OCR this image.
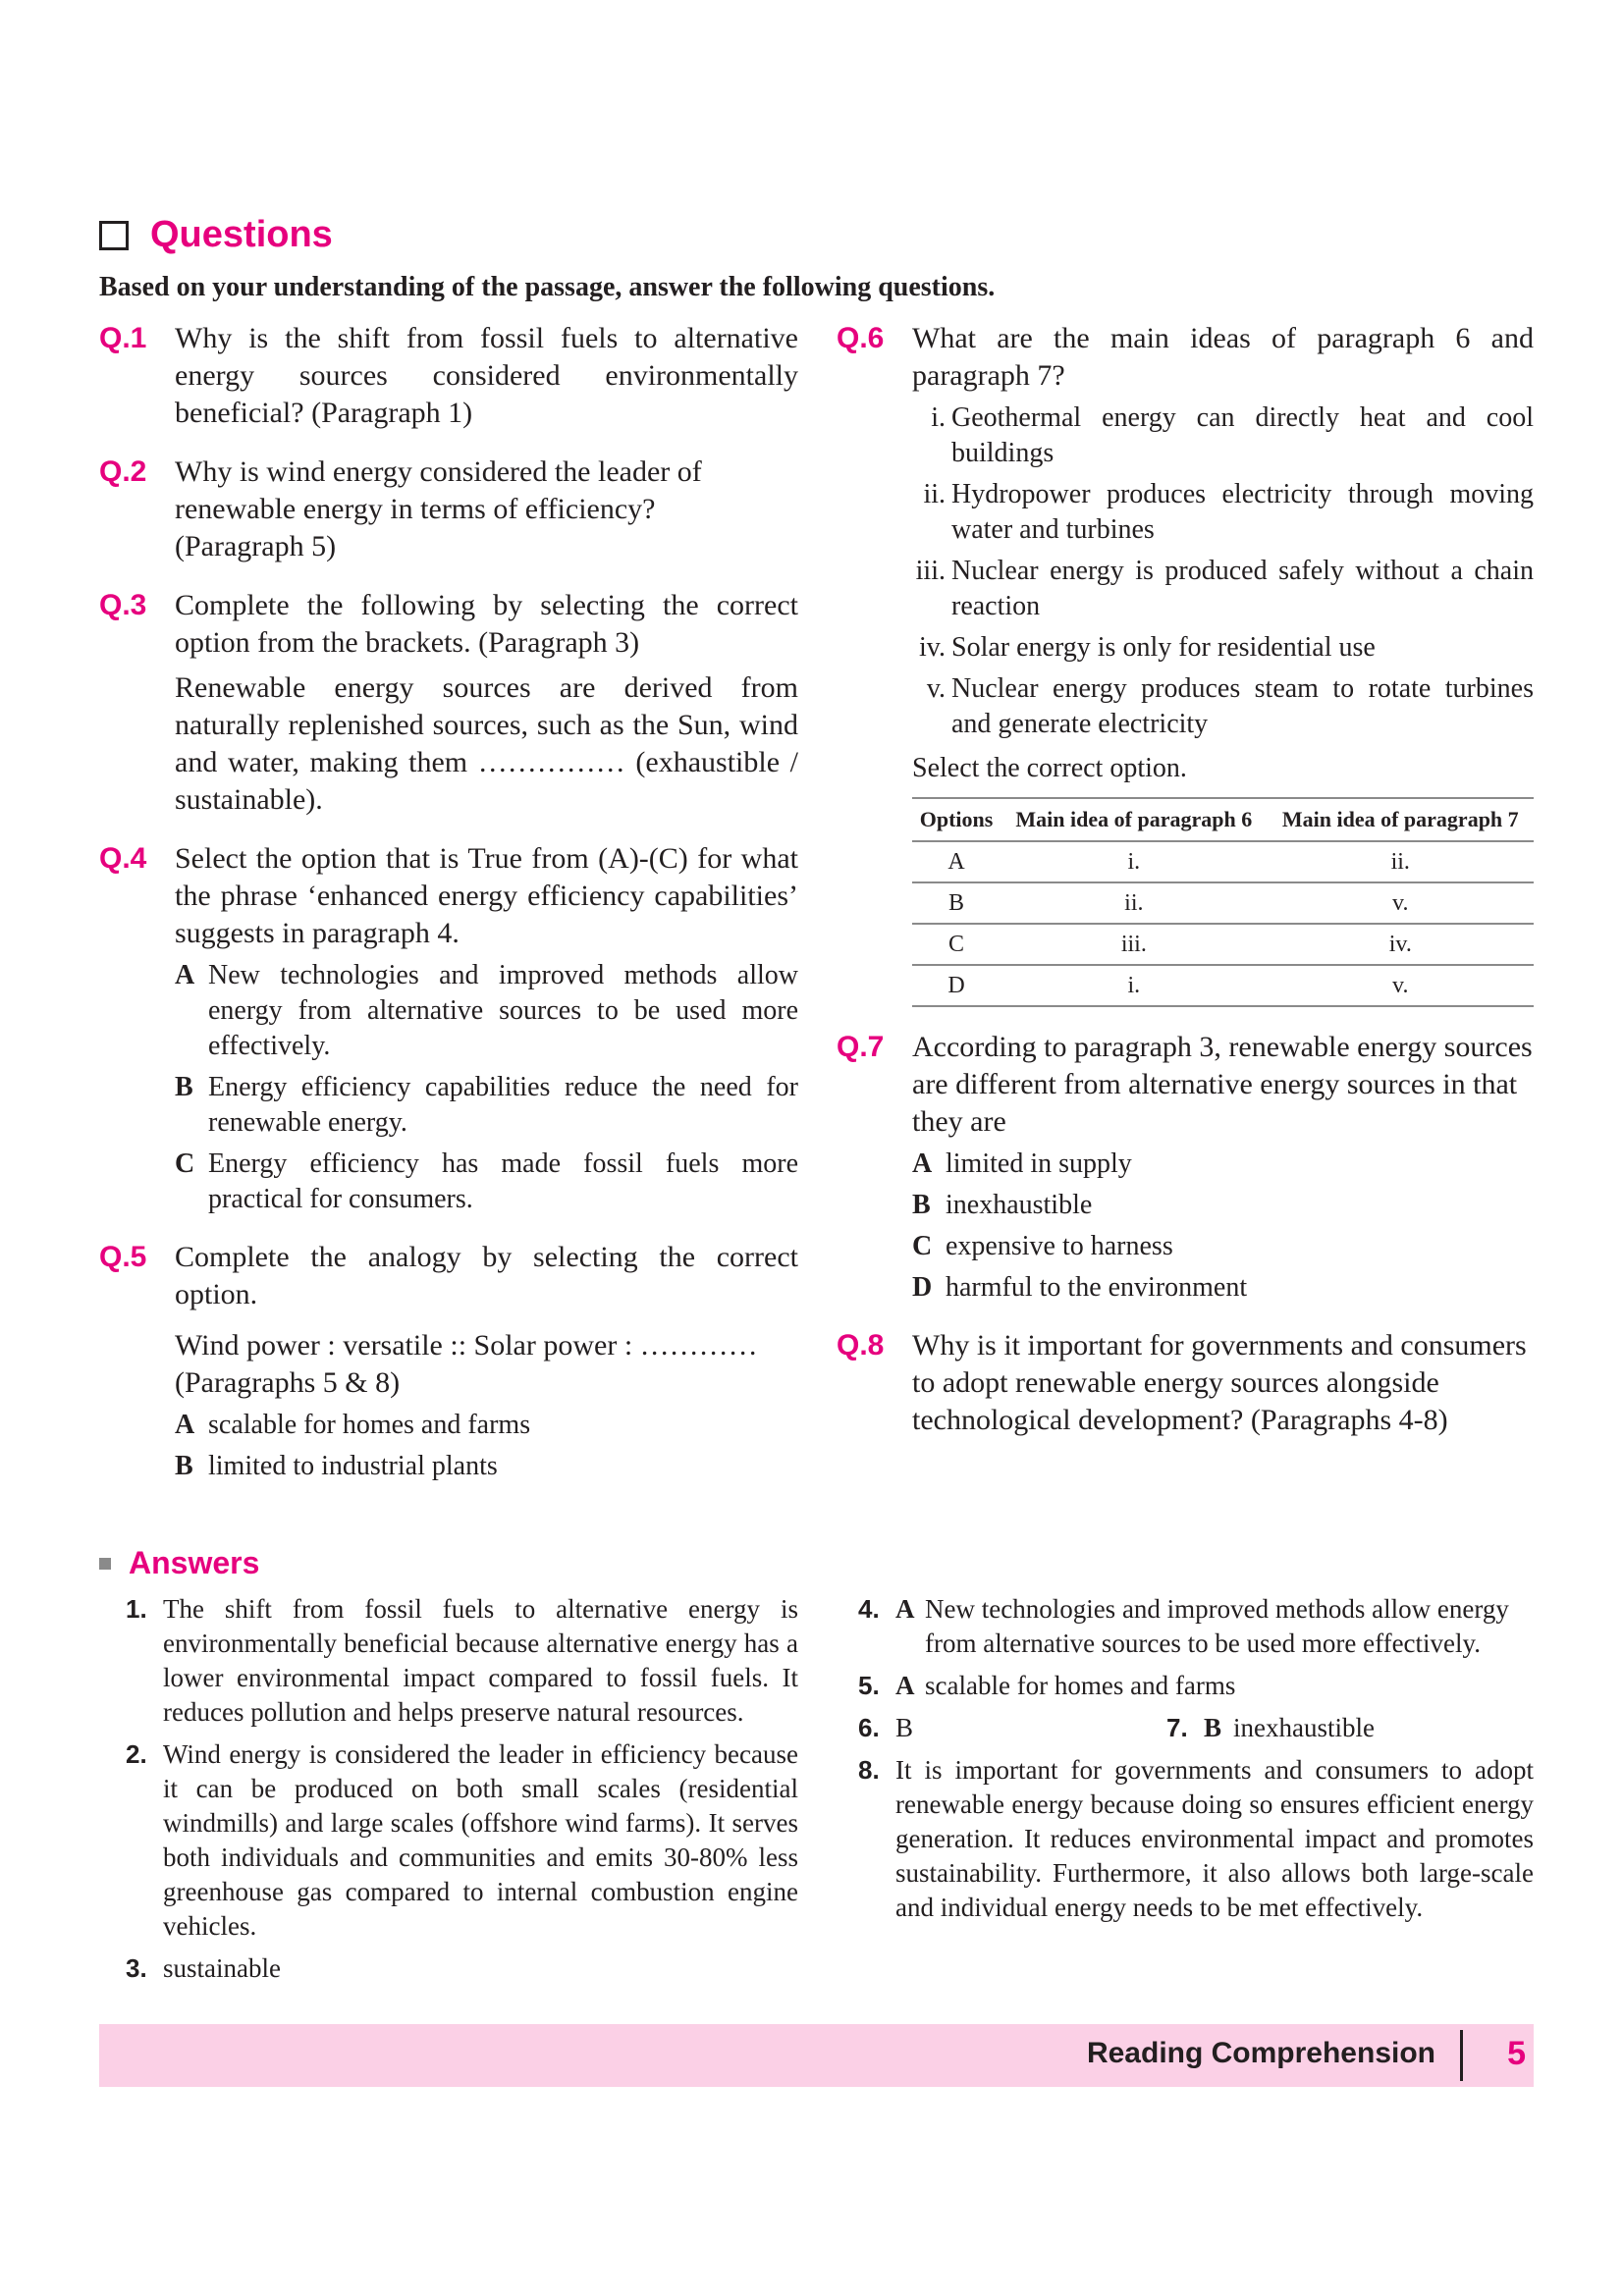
Questions
Based on your understanding of the passage, answer the following questions.
Q.1 Why is the shift from fossil fuels to alternative energy sources considered environmentally beneficial? (Paragraph 1)
Q.2 Why is wind energy considered the leader of renewable energy in terms of efficiency?
(Paragraph 5)
Q.3 Complete the following by selecting the correct option from the brackets. (Paragraph 3)
Renewable energy sources are derived from naturally replenished sources, such as the Sun, wind and water, making them …………… (exhaustible / sustainable).
Q.4 Select the option that is True from (A)-(C) for what the phrase ‘enhanced energy efficiency capabilities’ suggests in paragraph 4.
A New technologies and improved methods allow energy from alternative sources to be used more effectively.
B Energy efficiency capabilities reduce the need for renewable energy.
C Energy efficiency has made fossil fuels more practical for consumers.
Q.5 Complete the analogy by selecting the correct option.
Wind power : versatile :: Solar power : ………… (Paragraphs 5 & 8)
A scalable for homes and farms
B limited to industrial plants
Q.6 What are the main ideas of paragraph 6 and paragraph 7?
i. Geothermal energy can directly heat and cool buildings
ii. Hydropower produces electricity through moving water and turbines
iii. Nuclear energy is produced safely without a chain reaction
iv. Solar energy is only for residential use
v. Nuclear energy produces steam to rotate turbines and generate electricity
Select the correct option.
Options	Main idea of paragraph 6	Main idea of paragraph 7
A	i.	ii.
B	ii.	v.
C	iii.	iv.
D	i.	v.
Q.7 According to paragraph 3, renewable energy sources are different from alternative energy sources in that they are
A limited in supply
B inexhaustible
C expensive to harness
D harmful to the environment
Q.8 Why is it important for governments and consumers to adopt renewable energy sources alongside technological development? (Paragraphs 4-8)
Answers
1. The shift from fossil fuels to alternative energy is environmentally beneficial because alternative energy has a lower environmental impact compared to fossil fuels. It reduces pollution and helps preserve natural resources.
2. Wind energy is considered the leader in efficiency because it can be produced on both small scales (residential windmills) and large scales (offshore wind farms). It serves both individuals and communities and emits 30-80% less greenhouse gas compared to internal combustion engine vehicles.
3. sustainable
4. A New technologies and improved methods allow energy from alternative sources to be used more effectively.
5. A scalable for homes and farms
6. B	7. B inexhaustible
8. It is important for governments and consumers to adopt renewable energy because doing so ensures efficient energy generation. It reduces environmental impact and promotes sustainability. Furthermore, it also allows both large-scale and individual energy needs to be met effectively.
Reading Comprehension 5
